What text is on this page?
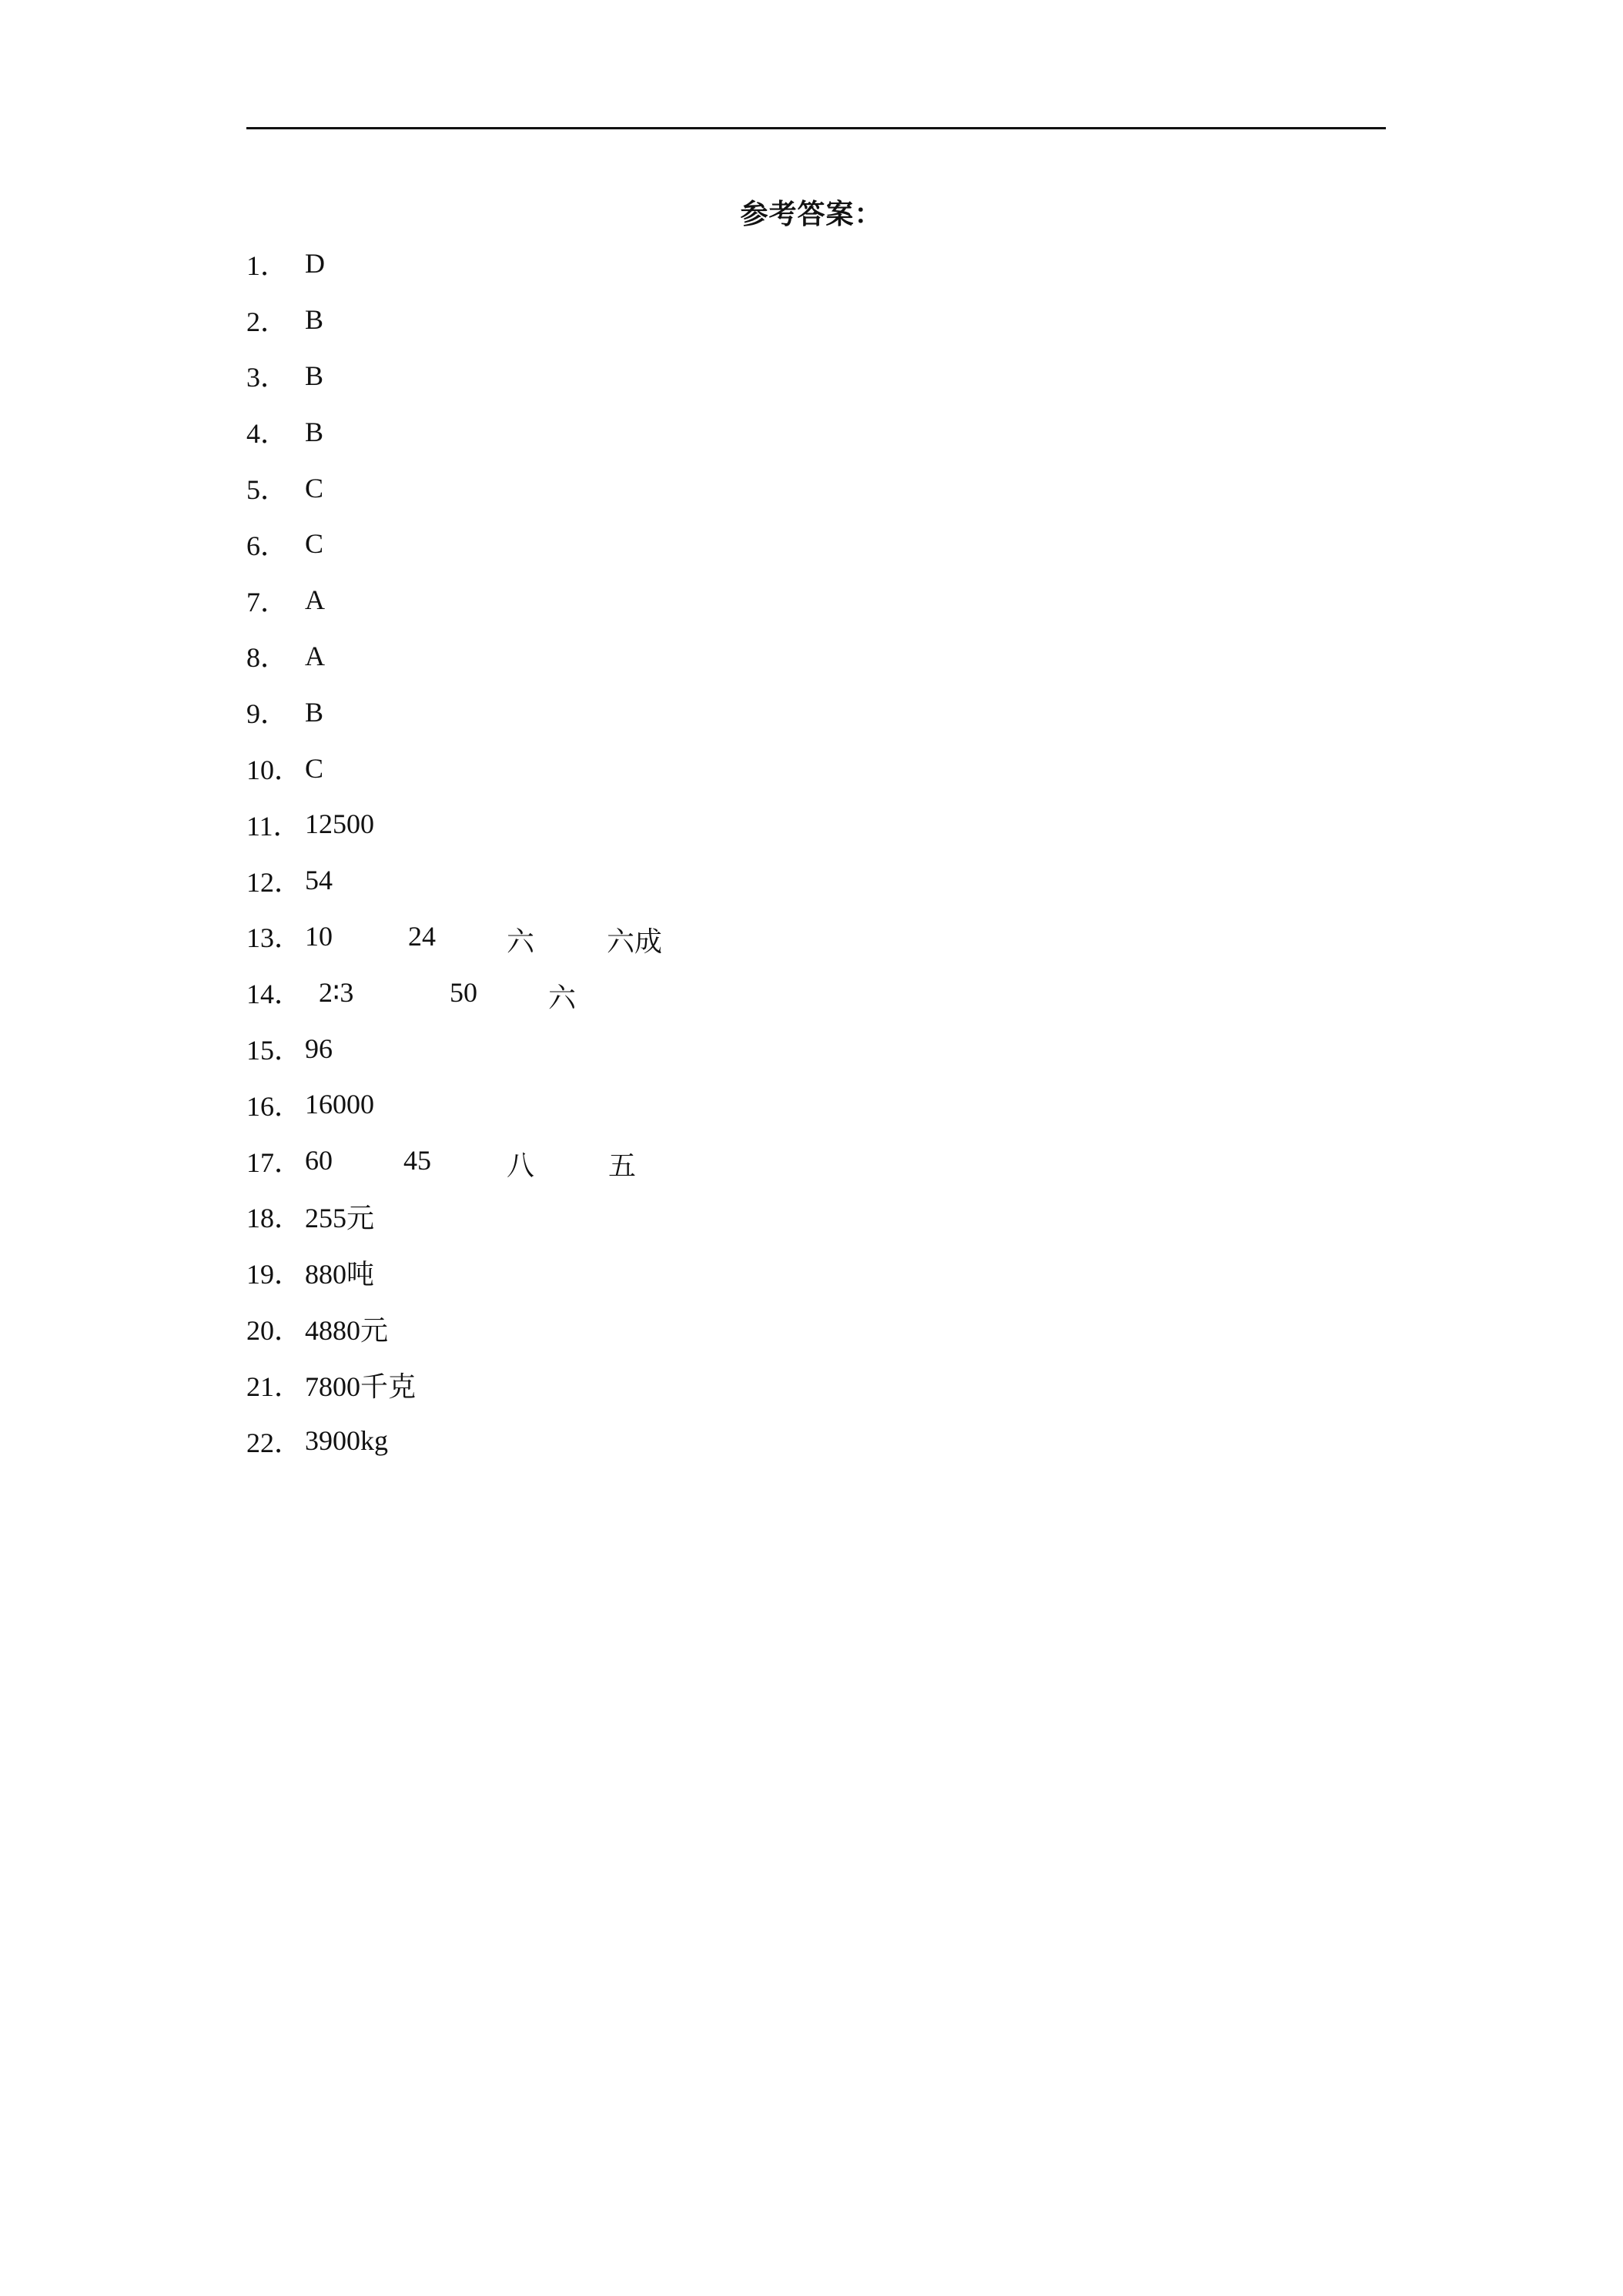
参考答案：
1． D
2． B
3． B
4． B
5． C
6． C
7． A
8． A
9． B
10． C
11． 12500
12． 54
13． 10	24	六	六成
14． 2∶3	50	六
15． 96
16． 16000
17． 60	45	八	五
18． 255元
19． 880吨
20． 4880元
21． 7800千克
22． 3900kg
